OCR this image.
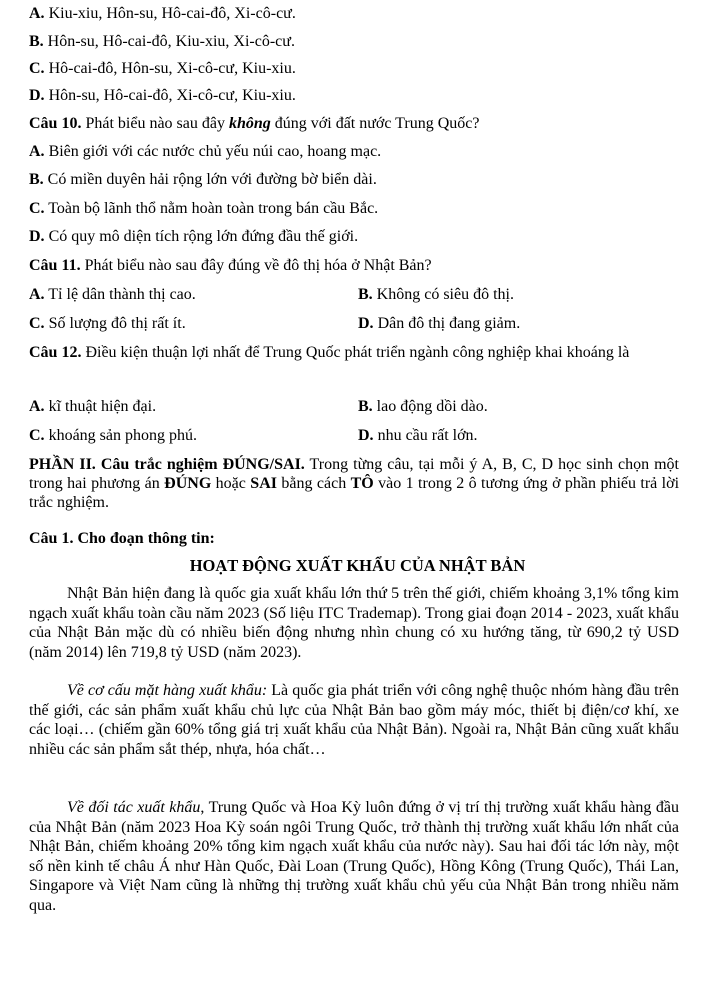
A. Kiu-xiu, Hôn-su, Hô-cai-đô, Xi-cô-cư.
B. Hôn-su, Hô-cai-đô, Kiu-xiu, Xi-cô-cư.
C. Hô-cai-đô, Hôn-su, Xi-cô-cư, Kiu-xiu.
D. Hôn-su, Hô-cai-đô, Xi-cô-cư, Kiu-xiu.
Câu 10. Phát biểu nào sau đây không đúng với đất nước Trung Quốc?
A. Biên giới với các nước chủ yếu núi cao, hoang mạc.
B. Có miền duyên hải rộng lớn với đường bờ biển dài.
C. Toàn bộ lãnh thổ nằm hoàn toàn trong bán cầu Bắc.
D. Có quy mô diện tích rộng lớn đứng đầu thế giới.
Câu 11. Phát biểu nào sau đây đúng về đô thị hóa ở Nhật Bản?
A. Tỉ lệ dân thành thị cao.	B. Không có siêu đô thị.
C. Số lượng đô thị rất ít.	D. Dân đô thị đang giảm.
Câu 12. Điều kiện thuận lợi nhất để Trung Quốc phát triển ngành công nghiệp khai khoáng là
A. kĩ thuật hiện đại.	B. lao động dồi dào.
C. khoáng sản phong phú.	D. nhu cầu rất lớn.
PHẦN II. Câu trắc nghiệm ĐÚNG/SAI. Trong từng câu, tại mỗi ý A, B, C, D học sinh chọn một trong hai phương án ĐÚNG hoặc SAI bằng cách TÔ vào 1 trong 2 ô tương ứng ở phần phiếu trả lời trắc nghiệm.
Câu 1. Cho đoạn thông tin:
HOẠT ĐỘNG XUẤT KHẨU CỦA NHẬT BẢN
Nhật Bản hiện đang là quốc gia xuất khẩu lớn thứ 5 trên thế giới, chiếm khoảng 3,1% tổng kim ngạch xuất khẩu toàn cầu năm 2023 (Số liệu ITC Trademap). Trong giai đoạn 2014 - 2023, xuất khẩu của Nhật Bản mặc dù có nhiều biến động nhưng nhìn chung có xu hướng tăng, từ 690,2 tỷ USD (năm 2014) lên 719,8 tỷ USD (năm 2023).
Về cơ cấu mặt hàng xuất khẩu: Là quốc gia phát triển với công nghệ thuộc nhóm hàng đầu trên thế giới, các sản phẩm xuất khẩu chủ lực của Nhật Bản bao gồm máy móc, thiết bị điện/cơ khí, xe các loại… (chiếm gần 60% tổng giá trị xuất khẩu của Nhật Bản). Ngoài ra, Nhật Bản cũng xuất khẩu nhiều các sản phẩm sắt thép, nhựa, hóa chất…
Về đối tác xuất khẩu, Trung Quốc và Hoa Kỳ luôn đứng ở vị trí thị trường xuất khẩu hàng đầu của Nhật Bản (năm 2023 Hoa Kỳ soán ngôi Trung Quốc, trở thành thị trường xuất khẩu lớn nhất của Nhật Bản, chiếm khoảng 20% tổng kim ngạch xuất khẩu của nước này). Sau hai đối tác lớn này, một số nền kinh tế châu Á như Hàn Quốc, Đài Loan (Trung Quốc), Hồng Kông (Trung Quốc), Thái Lan, Singapore và Việt Nam cũng là những thị trường xuất khẩu chủ yếu của Nhật Bản trong nhiều năm qua.
